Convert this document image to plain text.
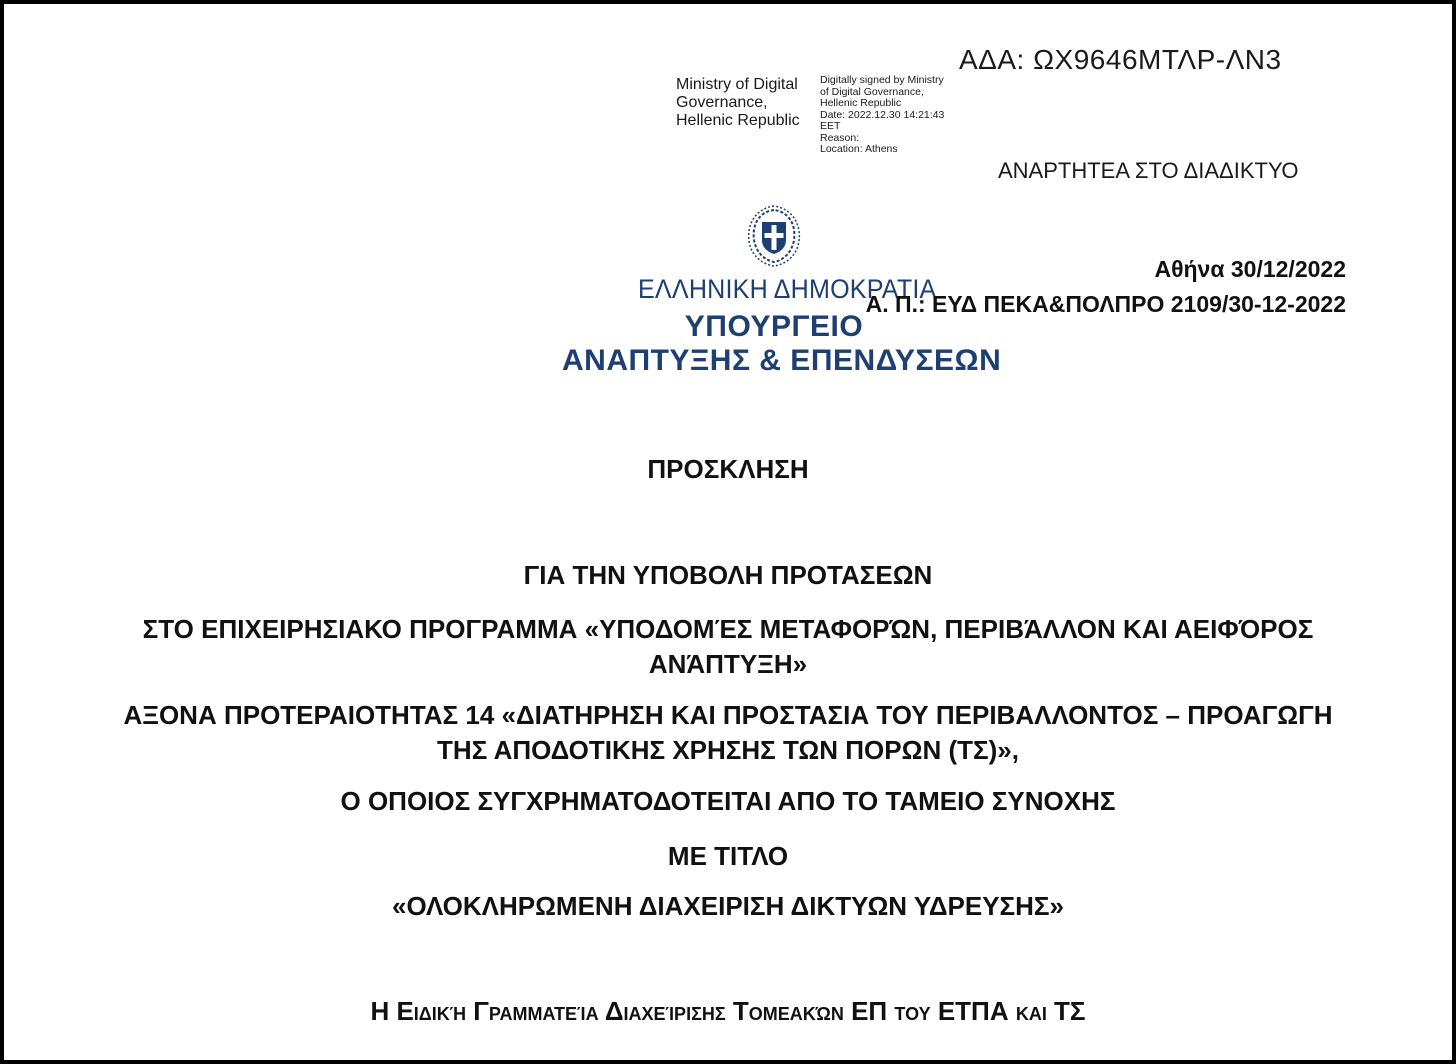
ΑΔΑ: ΩΧ9646ΜΤΛΡ-ΛΝ3
Ministry of Digital
Governance,
Hellenic Republic
Digitally signed by Ministry
of Digital Governance,
Hellenic Republic
Date: 2022.12.30 14:21:43
EET
Reason:
Location: Athens
ΑΝΑΡΤΗΤΕΑ ΣΤΟ ΔΙΑΔΙΚΤΥΟ
ΕΛΛΗΝΙΚΗ ΔΗΜΟΚΡΑΤΙΑ
ΥΠΟΥΡΓΕΙΟ
ΑΝΑΠΤΥΞΗΣ & ΕΠΕΝΔΥΣΕΩΝ
Αθήνα 30/12/2022
Α. Π.: ΕΥΔ ΠΕΚΑ&ΠΟΛΠΡΟ 2109/30-12-2022
ΠΡΟΣΚΛΗΣΗ
ΓΙΑ ΤΗΝ ΥΠΟΒΟΛΗ ΠΡΟΤΑΣΕΩΝ
ΣΤΟ ΕΠΙΧΕΙΡΗΣΙΑΚΟ ΠΡΟΓΡΑΜΜΑ «ΥΠΟΔΟΜΈΣ ΜΕΤΑΦΟΡΏΝ, ΠΕΡΙΒΆΛΛΟΝ ΚΑΙ ΑΕΙΦΌΡΟΣ
ΑΝΆΠΤΥΞΗ»
ΑΞΟΝΑ ΠΡΟΤΕΡΑΙΟΤΗΤΑΣ 14 «ΔΙΑΤΗΡΗΣΗ ΚΑΙ ΠΡΟΣΤΑΣΙΑ ΤΟΥ ΠΕΡΙΒΑΛΛΟΝΤΟΣ – ΠΡΟΑΓΩΓΗ
ΤΗΣ ΑΠΟΔΟΤΙΚΗΣ ΧΡΗΣΗΣ ΤΩΝ ΠΟΡΩΝ (ΤΣ)»,
Ο ΟΠΟΙΟΣ ΣΥΓΧΡΗΜΑΤΟΔΟΤΕΙΤΑΙ ΑΠΟ ΤΟ ΤΑΜΕΙΟ ΣΥΝΟΧΗΣ
ΜΕ ΤΙΤΛΟ
«ΟΛΟΚΛΗΡΩΜΕΝΗ ΔΙΑΧΕΙΡΙΣΗ ΔΙΚΤΥΩΝ ΥΔΡΕΥΣΗΣ»
Η Ειδική Γραμματεία Διαχείρισης Τομεακών ΕΠ του ΕΤΠΑ και ΤΣ
